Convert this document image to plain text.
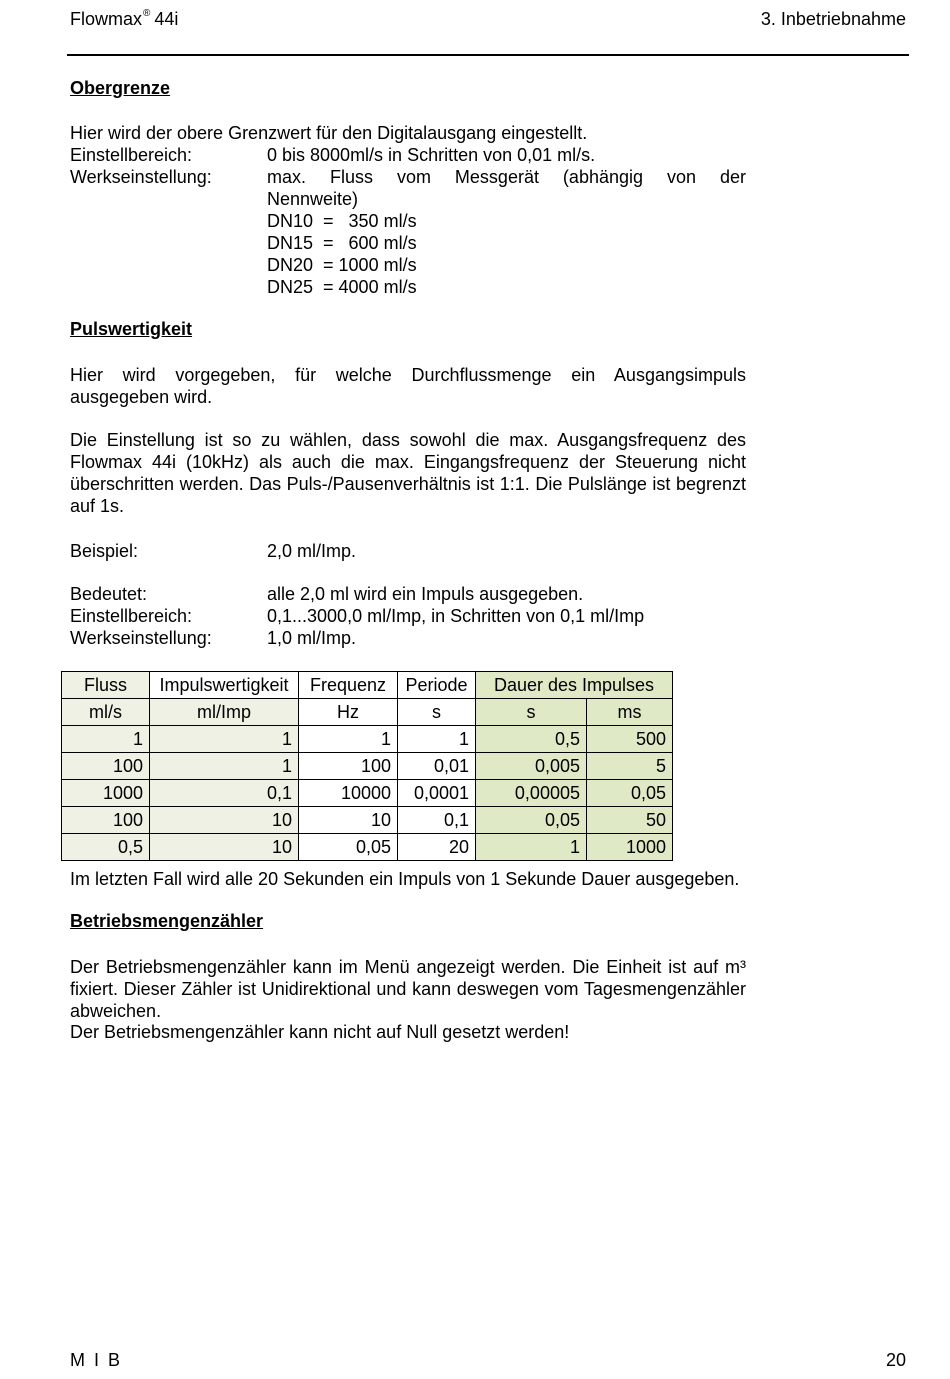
Flowmax® 44i	3. Inbetriebnahme
Obergrenze
Hier wird der obere Grenzwert für den Digitalausgang eingestellt.
Einstellbereich:	0 bis 8000ml/s in Schritten von 0,01 ml/s.
Werkseinstellung:	max. Fluss vom Messgerät (abhängig von der
Nennweite)
DN10  =   350 ml/s
DN15  =   600 ml/s
DN20  = 1000 ml/s
DN25  = 4000 ml/s
Pulswertigkeit
Hier wird vorgegeben, für welche Durchflussmenge ein Ausgangsimpuls ausgegeben wird.
Die Einstellung ist so zu wählen, dass sowohl die max. Ausgangsfrequenz des Flowmax 44i (10kHz) als auch die max. Eingangsfrequenz der Steuerung nicht überschritten werden. Das Puls-/Pausenverhältnis ist 1:1. Die Pulslänge ist begrenzt auf 1s.
Beispiel:	2,0 ml/Imp.
Bedeutet:	alle 2,0 ml wird ein Impuls ausgegeben.
Einstellbereich:	0,1...3000,0 ml/Imp, in Schritten von 0,1 ml/Imp
Werkseinstellung:	1,0 ml/Imp.
Fluss	Impulswertigkeit	Frequenz	Periode	Dauer des Impulses	
ml/s	ml/Imp	Hz	s	s	ms
1	1	1	1	0,5	500
100	1	100	0,01	0,005	5
1000	0,1	10000	0,0001	0,00005	0,05
100	10	10	0,1	0,05	50
0,5	10	0,05	20	1	1000
Im letzten Fall wird alle 20 Sekunden ein Impuls von 1 Sekunde Dauer ausgegeben.
Betriebsmengenzähler
Der Betriebsmengenzähler kann im Menü angezeigt werden. Die Einheit ist auf m³ fixiert. Dieser Zähler ist Unidirektional und kann deswegen vom Tagesmengenzähler abweichen.
Der Betriebsmengenzähler kann nicht auf Null gesetzt werden!
M I B	20
